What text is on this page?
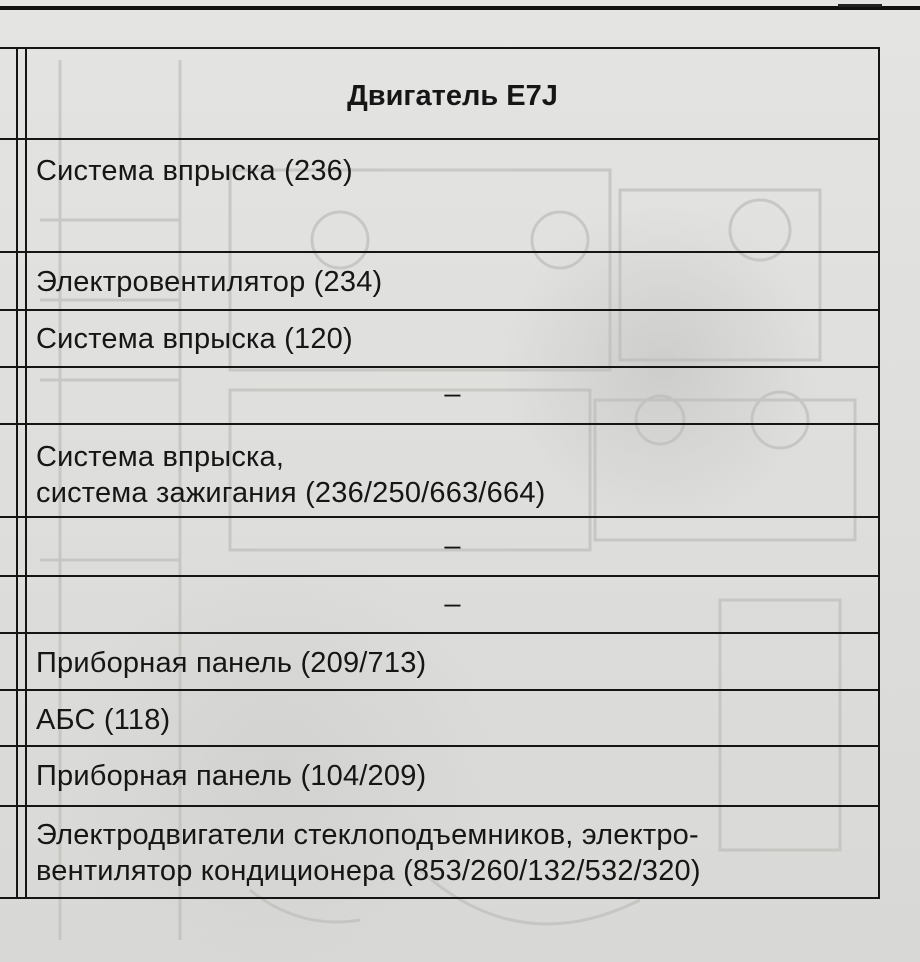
Двигатель E7J
Система впрыска (236)
Электровентилятор (234)
Система впрыска (120)
–
Система впрыска,
система зажигания (236/250/663/664)
–
–
Приборная панель (209/713)
АБС (118)
Приборная панель (104/209)
Электродвигатели стеклоподъемников, электро-
вентилятор кондиционера (853/260/132/532/320)
